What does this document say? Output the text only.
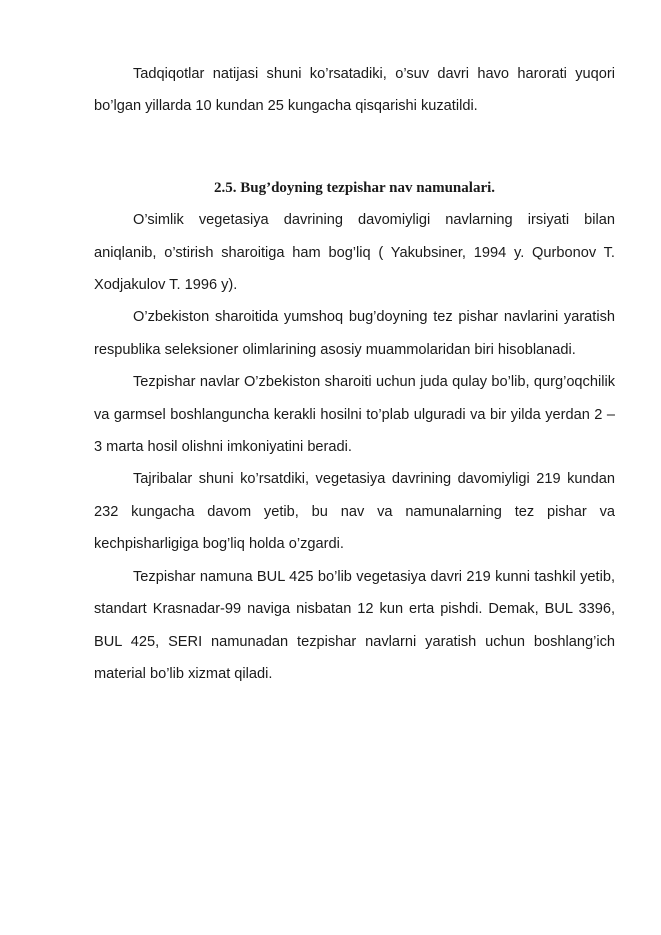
Tadqiqotlar natijasi shuni ko’rsatadiki, o’suv davri havo harorati yuqori bo’lgan yillarda 10 kundan 25 kungacha qisqarishi kuzatildi.

2.5. Bug’doyning tezpishar nav namunalari.

O’simlik vegetasiya davrining davomiyligi navlarning irsiyati bilan aniqlanib, o’stirish sharoitiga ham bog’liq ( Yakubsiner, 1994 y. Qurbonov T. Xodjakulov T. 1996 y).

O’zbekiston sharoitida yumshoq bug’doyning tez pishar navlarini yaratish respublika seleksioner olimlarining asosiy muammolaridan biri hisoblanadi.

Tezpishar navlar O’zbekiston sharoiti uchun juda qulay bo’lib, qurg’oqchilik va garmsel boshlanguncha kerakli hosilni to’plab ulguradi va bir yilda yerdan 2 – 3 marta hosil olishni imkoniyatini beradi.

Tajribalar shuni ko’rsatdiki, vegetasiya davrining davomiyligi 219 kundan 232 kungacha davom yetib, bu nav va namunalarning tez pishar va kechpisharligiga bog’liq holda o’zgardi.

Tezpishar namuna BUL 425 bo’lib vegetasiya davri 219 kunni tashkil yetib, standart Krasnadar-99 naviga nisbatan 12 kun erta pishdi. Demak, BUL 3396, BUL 425, SERI namunadan tezpishar navlarni yaratish uchun boshlang’ich material bo’lib xizmat qiladi.
